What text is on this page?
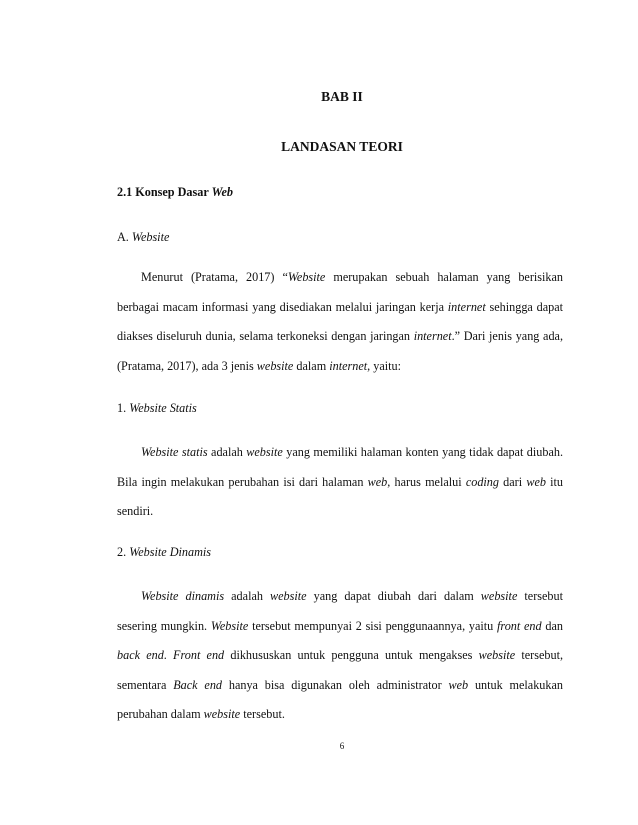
BAB II
LANDASAN TEORI
2.1 Konsep Dasar Web
A. Website

Menurut (Pratama, 2017) “Website merupakan sebuah halaman yang berisikan berbagai macam informasi yang disediakan melalui jaringan kerja internet sehingga dapat diakses diseluruh dunia, selama terkoneksi dengan jaringan internet.” Dari jenis yang ada, (Pratama, 2017), ada 3 jenis website dalam internet, yaitu:

1. Website Statis

Website statis adalah website yang memiliki halaman konten yang tidak dapat diubah. Bila ingin melakukan perubahan isi dari halaman web, harus melalui coding dari web itu sendiri.

2. Website Dinamis

Website dinamis adalah website yang dapat diubah dari dalam website tersebut sesering mungkin. Website tersebut mempunyai 2 sisi penggunaannya, yaitu front end dan back end. Front end dikhususkan untuk pengguna untuk mengakses website tersebut, sementara Back end hanya bisa digunakan oleh administrator web untuk melakukan perubahan dalam website tersebut.

6
